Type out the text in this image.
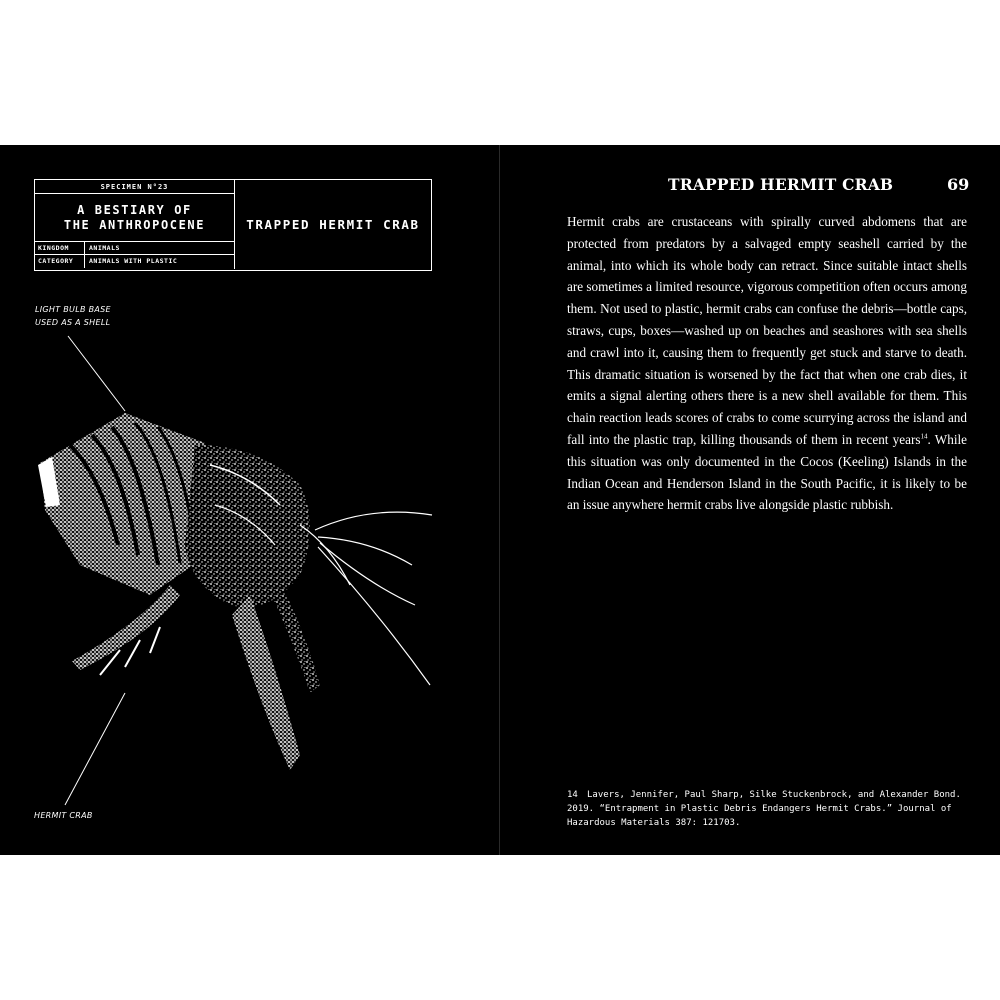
SPECIMEN N°23
A BESTIARY OF
THE ANTHROPOCENE
KINGDOM	ANIMALS
CATEGORY ANIMALS WITH PLASTIC
TRAPPED HERMIT CRAB
LIGHT BULB BASE
USED AS A SHELL
HERMIT CRAB
TRAPPED HERMIT CRAB	69

Hermit crabs are crustaceans with spirally curved abdomens that are protected from predators by a salvaged empty seashell carried by the animal, into which its whole body can retract. Since suitable intact shells are sometimes a limited resource, vigorous competition often occurs among them. Not used to plastic, hermit crabs can confuse the debris—bottle caps, straws, cups, boxes—washed up on beaches and seashores with sea shells and crawl into it, causing them to frequently get stuck and starve to death. This dramatic situation is worsened by the fact that when one crab dies, it emits a signal alerting others there is a new shell available for them. This chain reaction leads scores of crabs to come scurrying across the island and fall into the plastic trap, killing thousands of them in recent years$^{14}$. While this situation was only documented in the Cocos (Keeling) Islands in the Indian Ocean and Henderson Island in the South Pacific, it is likely to be an issue anywhere hermit crabs live alongside plastic rubbish.

14 Lavers, Jennifer, Paul Sharp, Silke Stuckenbrock, and Alexander Bond. 2019. “Entrapment in Plastic Debris Endangers Hermit Crabs.” Journal of Hazardous Materials 387: 121703.
